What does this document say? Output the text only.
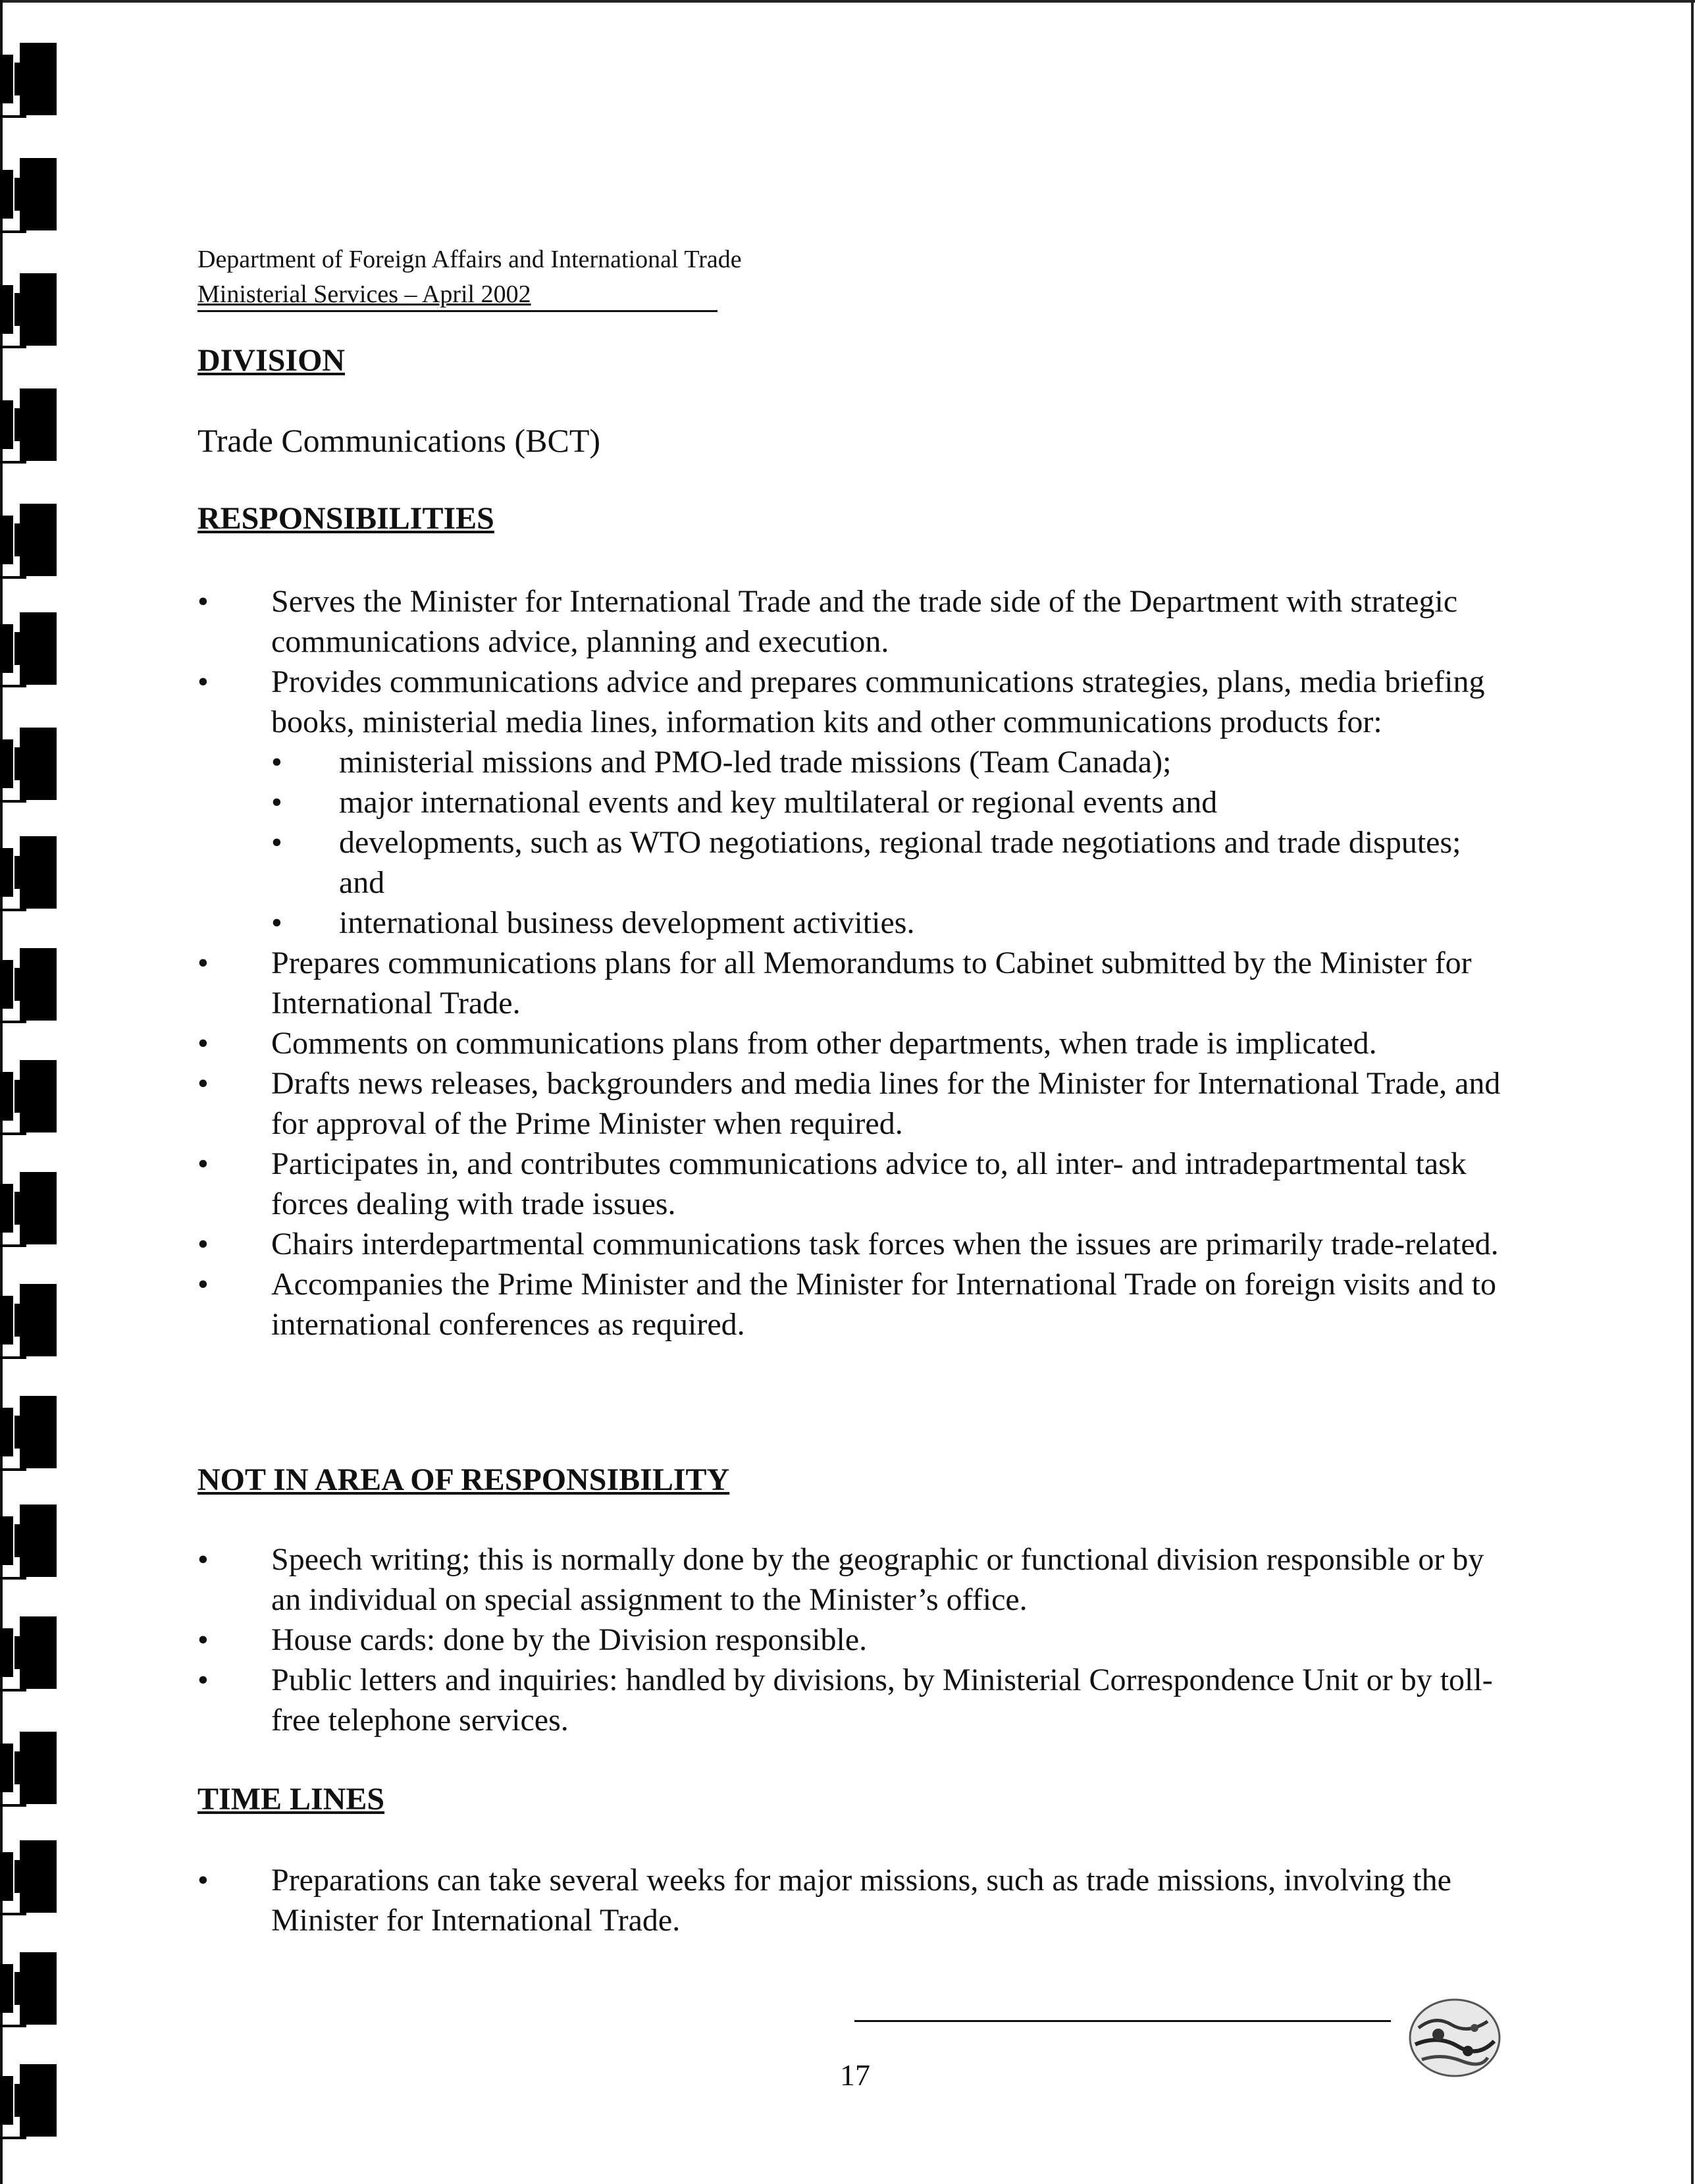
Department of Foreign Affairs and International Trade
Ministerial Services – April 2002
DIVISION
Trade Communications (BCT)
RESPONSIBILITIES
•	Serves the Minister for International Trade and the trade side of the Department with strategic communications advice, planning and execution.
•	Provides communications advice and prepares communications strategies, plans, media briefing books, ministerial media lines, information kits and other communications products for:
• ministerial missions and PMO-led trade missions (Team Canada);
• major international events and key multilateral or regional events and
• developments, such as WTO negotiations, regional trade negotiations and trade disputes; and
• international business development activities.
•	Prepares communications plans for all Memorandums to Cabinet submitted by the Minister for International Trade.
•	Comments on communications plans from other departments, when trade is implicated.
•	Drafts news releases, backgrounders and media lines for the Minister for International Trade, and for approval of the Prime Minister when required.
•	Participates in, and contributes communications advice to, all inter- and intradepartmental task forces dealing with trade issues.
•	Chairs interdepartmental communications task forces when the issues are primarily trade-related.
•	Accompanies the Prime Minister and the Minister for International Trade on foreign visits and to international conferences as required.
NOT IN AREA OF RESPONSIBILITY
•	Speech writing; this is normally done by the geographic or functional division responsible or by an individual on special assignment to the Minister’s office.
•	House cards: done by the Division responsible.
•	Public letters and inquiries: handled by divisions, by Ministerial Correspondence Unit or by toll-free telephone services.
TIME LINES
•	Preparations can take several weeks for major missions, such as trade missions, involving the Minister for International Trade.
17
